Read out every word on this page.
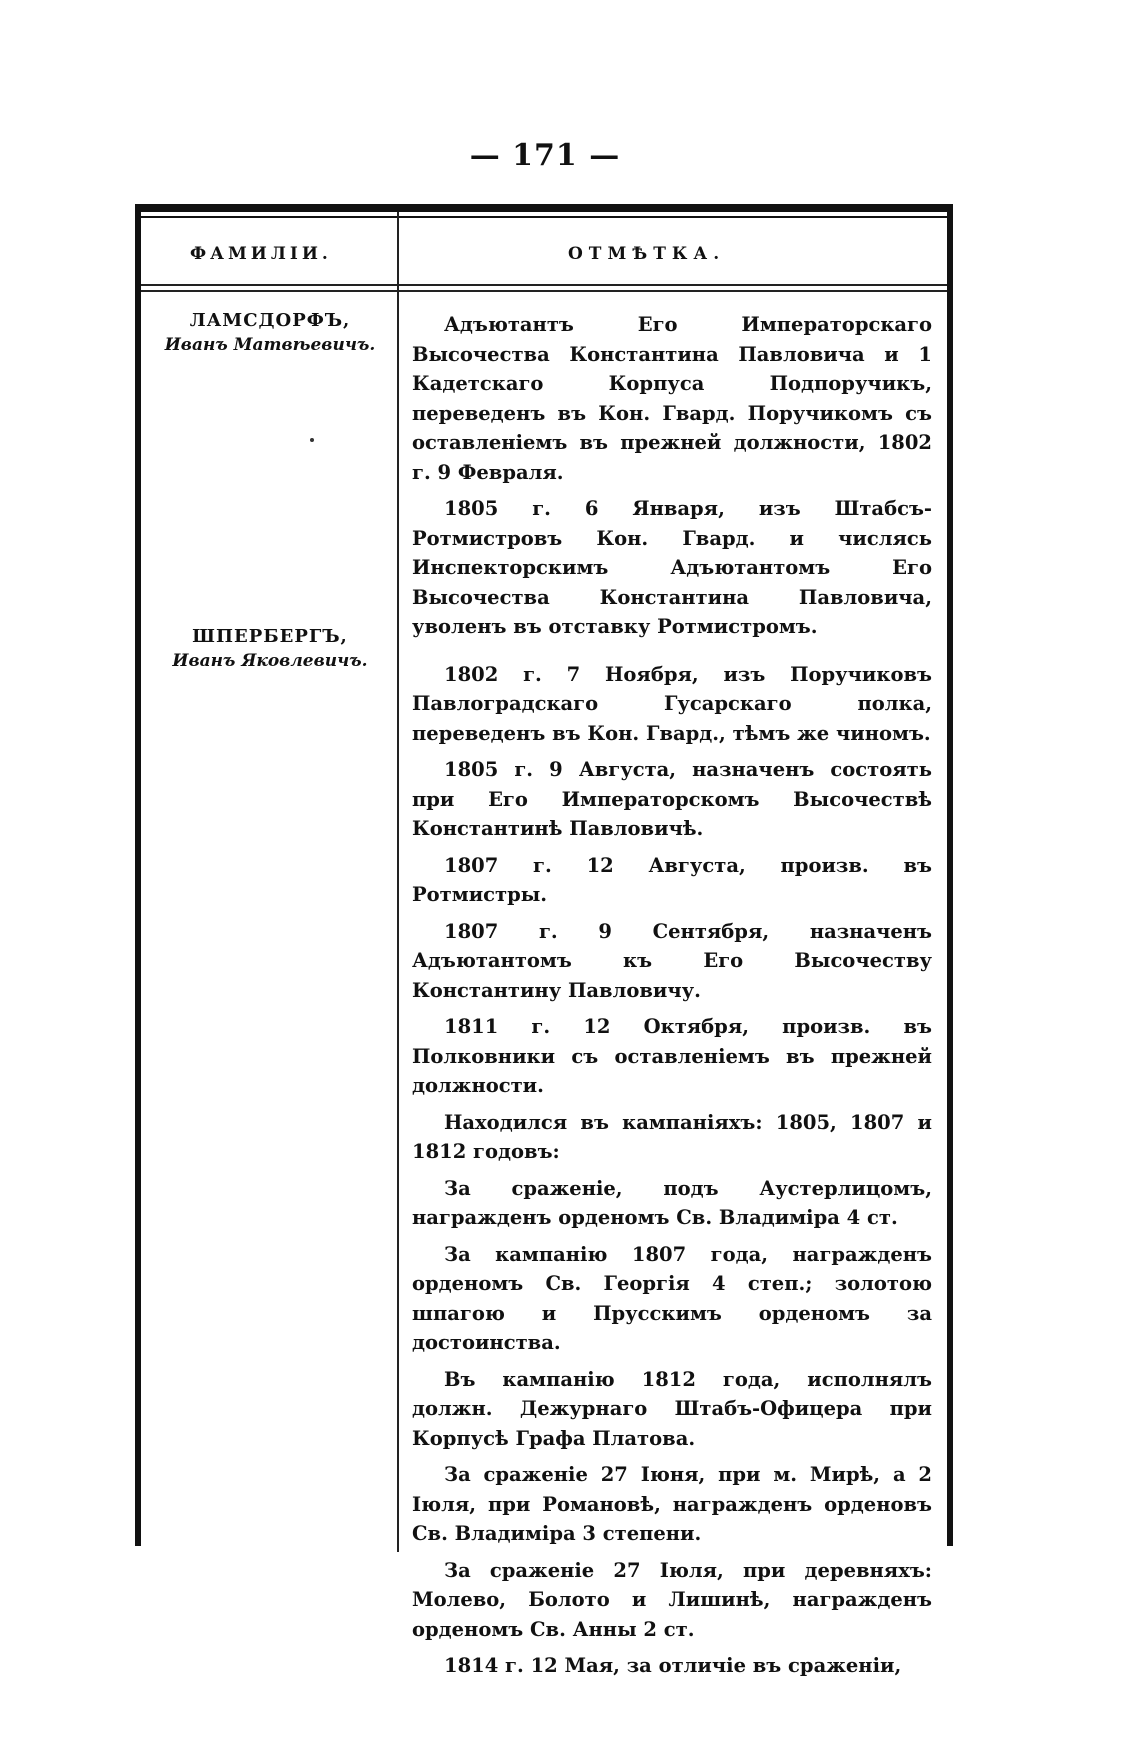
— 171 —
ФАМИЛІИ.	ОТМѢТКА.
ЛАМСДОРФЪ,
Иванъ Матвѣевичъ.
ШПЕРБЕРГЪ,
Иванъ Яковлевичъ.

Адъютантъ Его Императорскаго Высочества Константина Павловича и 1 Кадетскаго Корпуса Подпоручикъ, переведенъ въ Кон. Гвард. Поручикомъ съ оставленіемъ въ прежней должности, 1802 г. 9 Февраля.

1805 г. 6 Января, изъ Штабсъ-Ротмистровъ Кон. Гвард. и числясь Инспекторскимъ Адъютантомъ Его Высочества Константина Павловича, уволенъ въ отставку Ротмистромъ.

1802 г. 7 Ноября, изъ Поручиковъ Павлоградскаго Гусарскаго полка, переведенъ въ Кон. Гвард., тѣмъ же чиномъ.

1805 г. 9 Августа, назначенъ состоять при Его Императорскомъ Высочествѣ Константинѣ Павловичѣ.

1807 г. 12 Августа, произв. въ Ротмистры.

1807 г. 9 Сентября, назначенъ Адъютантомъ къ Его Высочеству Константину Павловичу.

1811 г. 12 Октября, произв. въ Полковники съ оставленіемъ въ прежней должности.

Находился въ кампаніяхъ: 1805, 1807 и 1812 годовъ:

За сраженіе, подъ Аустерлицомъ, награжденъ орденомъ Св. Владиміра 4 ст.

За кампанію 1807 года, награжденъ орденомъ Св. Георгія 4 степ.; золотою шпагою и Прусскимъ орденомъ за достоинства.

Въ кампанію 1812 года, исполнялъ должн. Дежурнаго Штабъ-Офицера при Корпусѣ Графа Платова.

За сраженіе 27 Іюня, при м. Мирѣ, а 2 Іюля, при Романовѣ, награжденъ орденовъ Св. Владиміра 3 степени.

За сраженіе 27 Іюля, при деревняхъ: Молево, Болото и Лишинѣ, награжденъ орденомъ Св. Анны 2 ст.

1814 г. 12 Мая, за отличіе въ сраженіи,
